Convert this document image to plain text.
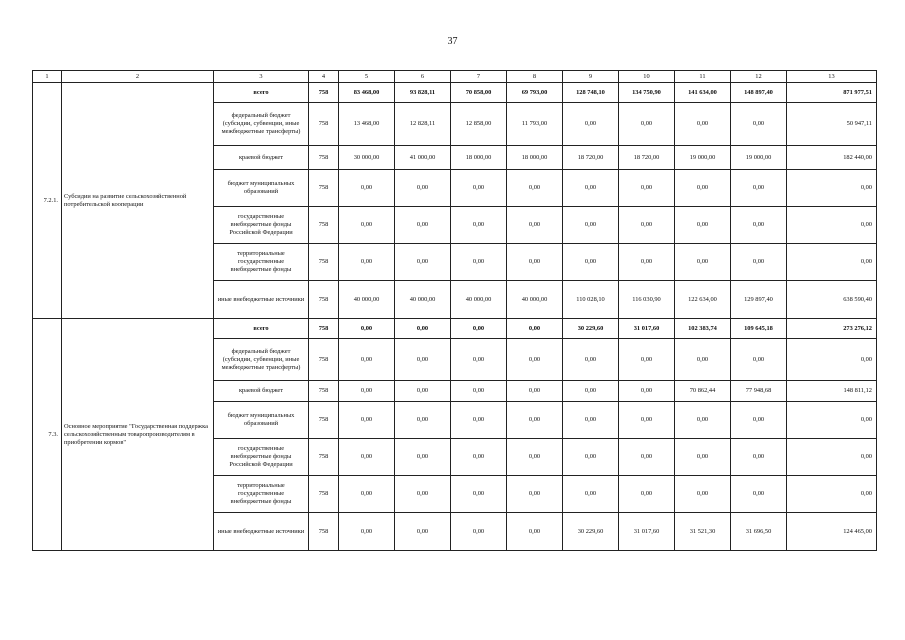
37
1	2	3	4	5	6	7	8	9	10	11	12	13
7.2.1.	Субсидии на развитие сельскохозяйственной потребительской кооперации	всего	758	83 468,00	93 828,11	70 858,00	69 793,00	128 748,10	134 750,90	141 634,00	148 897,40	871 977,51
		федеральный бюджет (субсидии, субвенции, иные межбюджетные трансферты)	758	13 468,00	12 828,11	12 858,00	11 793,00	0,00	0,00	0,00	0,00	50 947,11
		краевой бюджет	758	30 000,00	41 000,00	18 000,00	18 000,00	18 720,00	18 720,00	19 000,00	19 000,00	182 440,00
		бюджет муниципальных образований	758	0,00	0,00	0,00	0,00	0,00	0,00	0,00	0,00	0,00
		государственные внебюджетные фонды Российской Федерации	758	0,00	0,00	0,00	0,00	0,00	0,00	0,00	0,00	0,00
		территориальные государственные внебюджетные фонды	758	0,00	0,00	0,00	0,00	0,00	0,00	0,00	0,00	0,00
		иные внебюджетные источники	758	40 000,00	40 000,00	40 000,00	40 000,00	110 028,10	116 030,90	122 634,00	129 897,40	638 590,40
7.3.	Основное мероприятие "Государственная поддержка сельскохозяйственным товаропроизводителям в приобретении кормов"	всего	758	0,00	0,00	0,00	0,00	30 229,60	31 017,60	102 383,74	109 645,18	273 276,12
		федеральный бюджет (субсидии, субвенции, иные межбюджетные трансферты)	758	0,00	0,00	0,00	0,00	0,00	0,00	0,00	0,00	0,00
		краевой бюджет	758	0,00	0,00	0,00	0,00	0,00	0,00	70 862,44	77 948,68	148 811,12
		бюджет муниципальных образований	758	0,00	0,00	0,00	0,00	0,00	0,00	0,00	0,00	0,00
		государственные внебюджетные фонды Российской Федерации	758	0,00	0,00	0,00	0,00	0,00	0,00	0,00	0,00	0,00
		территориальные государственные внебюджетные фонды	758	0,00	0,00	0,00	0,00	0,00	0,00	0,00	0,00	0,00
		иные внебюджетные источники	758	0,00	0,00	0,00	0,00	30 229,60	31 017,60	31 521,30	31 696,50	124 465,00
